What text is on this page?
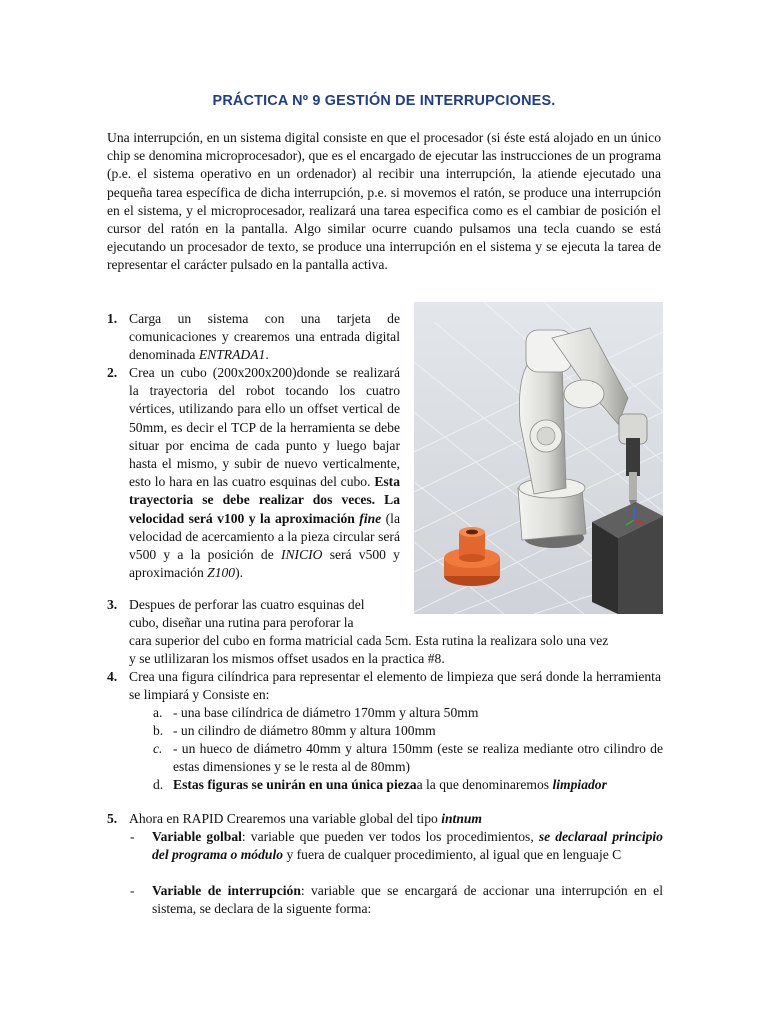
PRÁCTICA Nº 9 GESTIÓN DE INTERRUPCIONES.

Una interrupción, en un sistema digital consiste en que el procesador (si éste está alojado en un único chip se denomina microprocesador), que es el encargado de ejecutar las instrucciones de un programa (p.e. el sistema operativo en un ordenador) al recibir una interrupción, la atiende ejecutado una pequeña tarea específica de dicha interrupción, p.e. si movemos el ratón, se produce una interrupción en el sistema, y el microprocesador, realizará una tarea especifica como es el cambiar de posición el cursor del ratón en la pantalla. Algo similar ocurre cuando pulsamos una tecla cuando se está ejecutando un procesador de texto, se produce una interrupción en el sistema y se ejecuta la tarea de representar el carácter pulsado en la pantalla activa.

1. Carga un sistema con una tarjeta de comunicaciones y crearemos una entrada digital denominada ENTRADA1.

2. Crea un cubo (200x200x200)donde se realizará la trayectoria del robot tocando los cuatro vértices, utilizando para ello un offset vertical de 50mm, es decir el TCP de la herramienta se debe situar por encima de cada punto y luego bajar hasta el mismo, y subir de nuevo verticalmente, esto lo hara en las cuatro esquinas del cubo. Esta trayectoria se debe realizar dos veces. La velocidad será v100 y la aproximación fine (la velocidad de acercamiento a la pieza circular será v500 y a la posición de INICIO será v500 y aproximación Z100).

3. Despues de perforar las cuatro esquinas del
cubo, diseñar una rutina para peroforar la
cara superior del cubo en forma matricial cada 5cm. Esta rutina la realizara solo una vez
y se utlilizaran los mismos offset usados en la practica #8.
4. Crea una figura cilíndrica para representar el elemento de limpieza que será donde la herramienta se limpiará y Consiste en:

a. - una base cilíndrica de diámetro 170mm y altura 50mm
b. - un cilindro de diámetro 80mm y altura 100mm
c. - un hueco de diámetro 40mm y altura 150mm (este se realiza mediante otro cilindro de estas dimensiones y se le resta al de 80mm)
d. Estas figuras se unirán en una única piezaa la que denominaremos limpiador
5. Ahora en RAPID Crearemos una variable global del tipo intnum

- Variable golbal: variable que pueden ver todos los procedimientos, se declaraal principio del programa o módulo y fuera de cualquer procedimiento, al igual que en lenguaje C

- Variable de interrupción: variable que se encargará de accionar una interrupción en el sistema, se declara de la siguente forma:
